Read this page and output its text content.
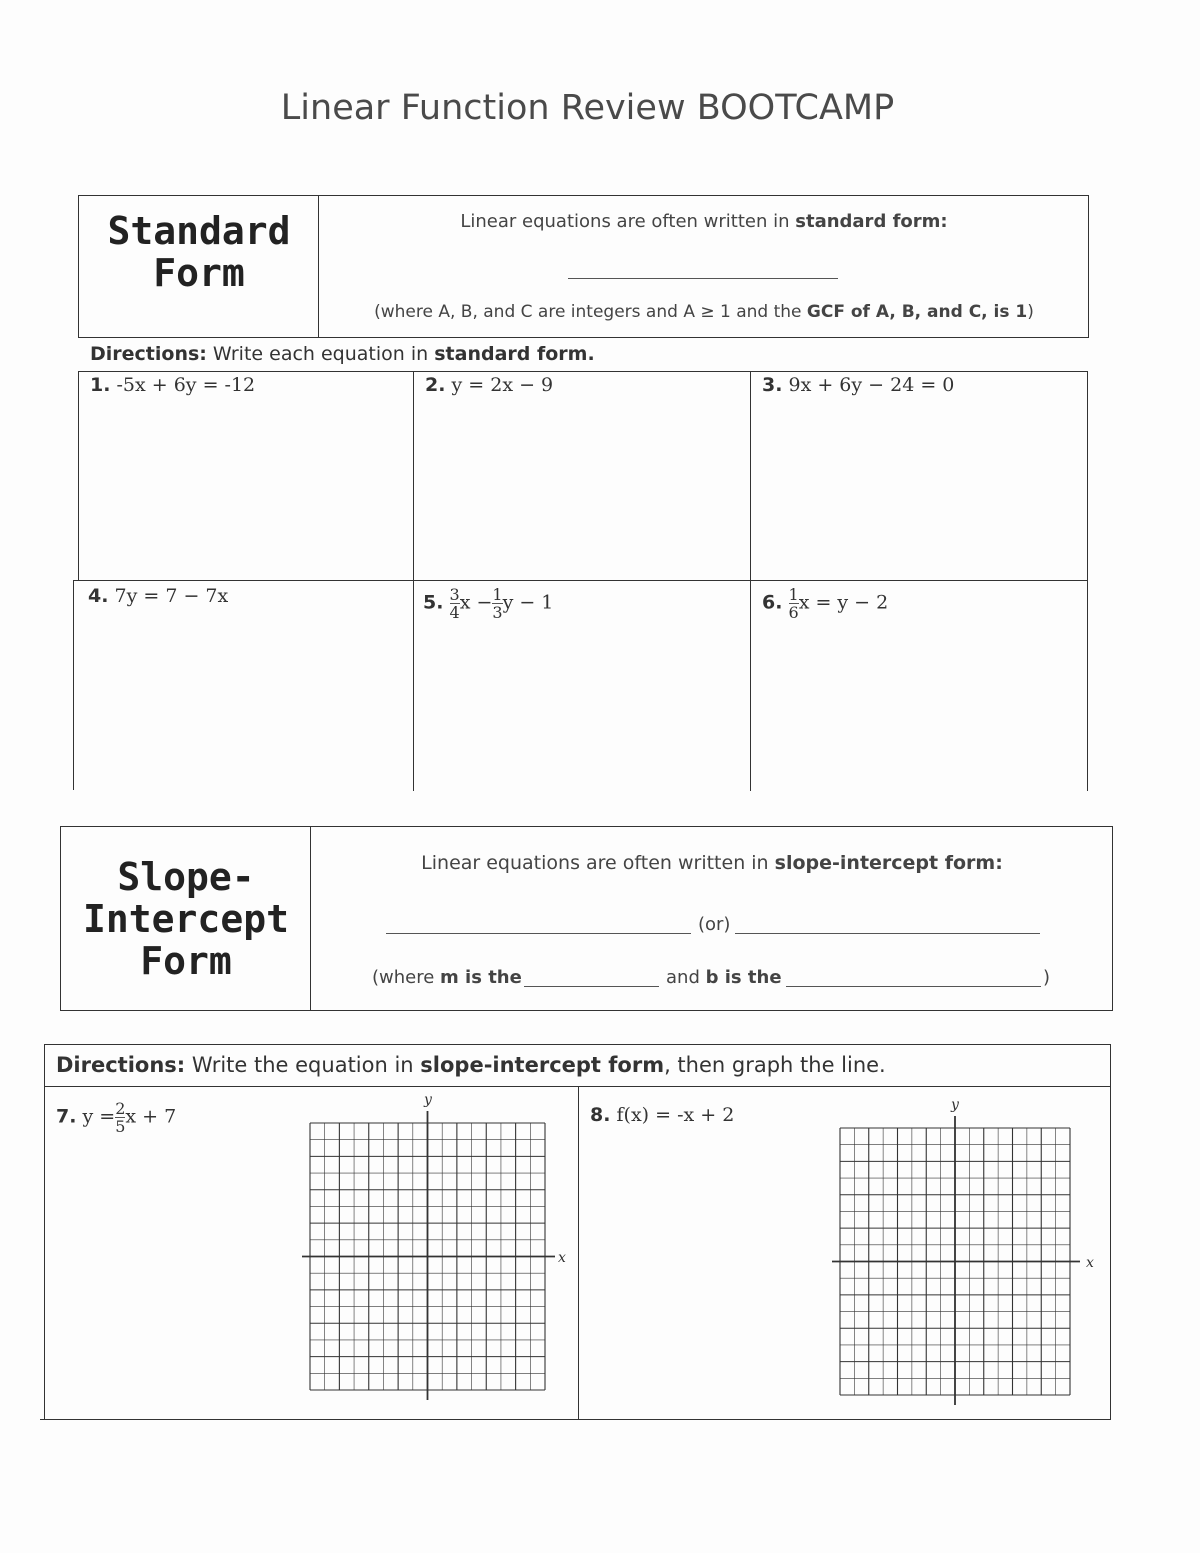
Linear Function Review BOOTCAMP
Standard
Form
Linear equations are often written in standard form:
(where A, B, and C are integers and A ≥ 1 and the GCF of A, B, and C, is 1)
Directions: Write each equation in standard form.
1. -5x + 6y = -12	2. y = 2x − 9	3. 9x + 6y − 24 = 0
4. 7y = 7 − 7x	5. $\frac{3}{4}$ $x - \frac{1}{3}$ y − 1	6. $\frac{1}{6}$ x = y − 2
Slope-
Intercept
Form
Linear equations are often written in slope-intercept form:
(or)
(where m is the	and b is the	)
Directions: Write the equation in slope-intercept form, then graph the line.
7. $y = \frac{2}{5}$ x + 7	8. f(x) = -x + 2
y
x
y
x
